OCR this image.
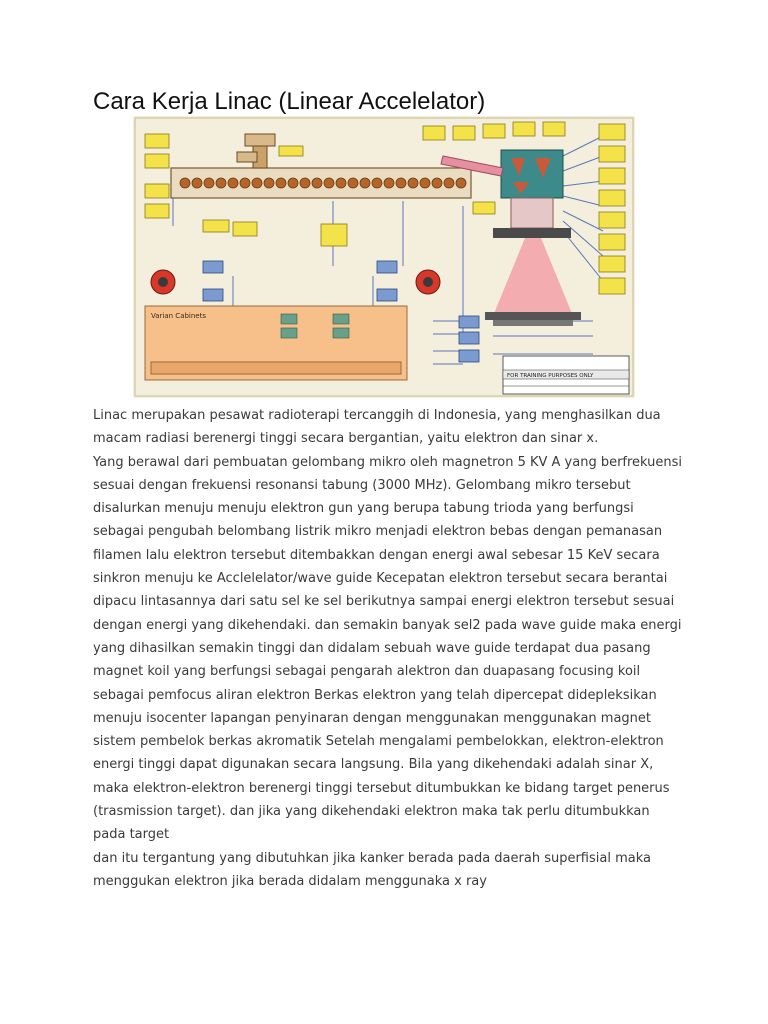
Cara Kerja Linac (Linear Accelelator)
Varian Cabinets
FOR TRAINING PURPOSES ONLY

Linac merupakan pesawat radioterapi tercanggih di Indonesia, yang menghasilkan dua macam radiasi berenergi tinggi secara bergantian, yaitu elektron dan sinar x.

Yang berawal dari pembuatan gelombang mikro oleh magnetron 5 KV A yang berfrekuensi sesuai dengan frekuensi resonansi tabung (3000 MHz). Gelombang mikro tersebut disalurkan menuju menuju elektron gun yang berupa tabung trioda yang berfungsi sebagai pengubah belombang listrik mikro menjadi elektron bebas dengan pemanasan filamen lalu elektron tersebut ditembakkan dengan energi awal sebesar 15 KeV secara sinkron menuju ke Acclelelator/wave guide Kecepatan elektron tersebut secara berantai dipacu lintasannya dari satu sel ke sel berikutnya sampai energi elektron tersebut sesuai dengan energi yang dikehendaki. dan semakin banyak sel2 pada wave guide maka energi yang dihasilkan semakin tinggi dan didalam sebuah wave guide terdapat dua pasang magnet koil yang berfungsi sebagai pengarah alektron dan duapasang focusing koil sebagai pemfocus aliran elektron Berkas elektron yang telah dipercepat didepleksikan menuju isocenter lapangan penyinaran dengan menggunakan menggunakan magnet sistem pembelok berkas akromatik Setelah mengalami pembelokkan, elektron-elektron energi tinggi dapat digunakan secara langsung. Bila yang dikehendaki adalah sinar X, maka elektron-elektron berenergi tinggi tersebut ditumbukkan ke bidang target penerus (trasmission target). dan jika yang dikehendaki elektron maka tak perlu ditumbukkan pada target

dan itu tergantung yang dibutuhkan jika kanker berada pada daerah superfisial maka menggukan elektron jika berada didalam menggunaka x ray
